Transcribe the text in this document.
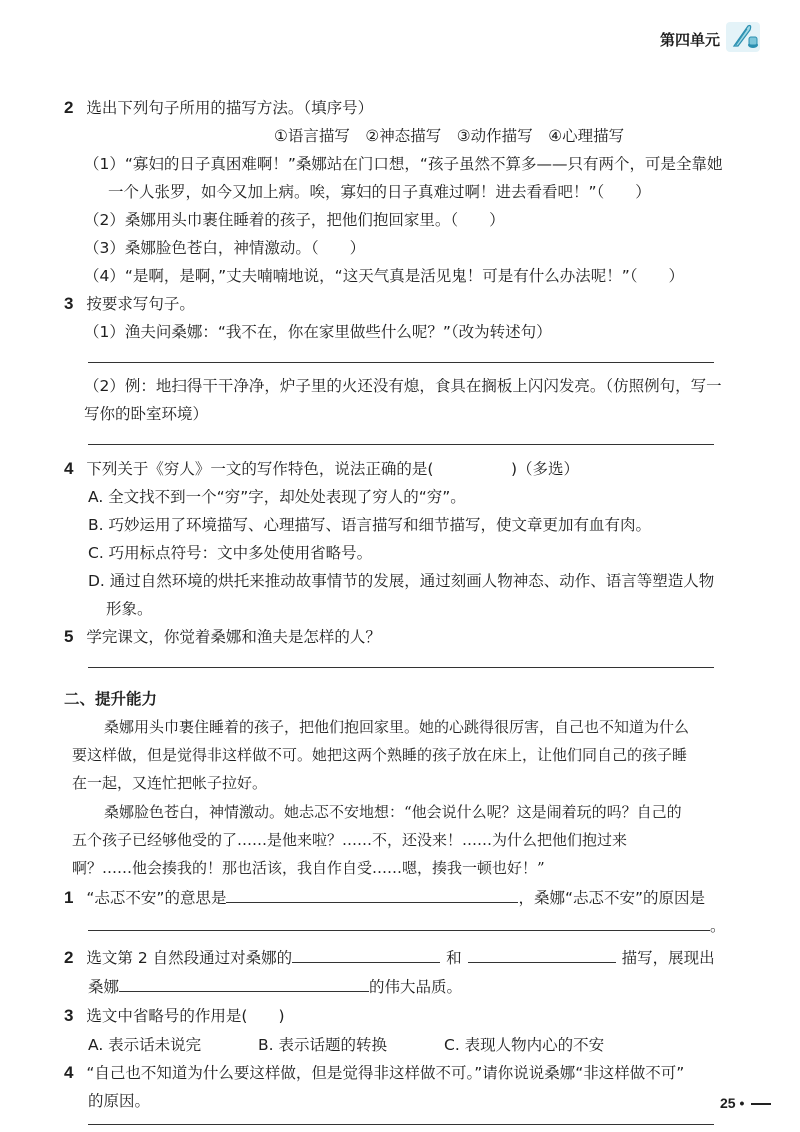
第四单元
2 选出下列句子所用的描写方法。（填序号）
①语言描写　②神态描写　③动作描写　④心理描写
（1）“寡妇的日子真困难啊！”桑娜站在门口想，“孩子虽然不算多——只有两个，可是全靠她
一个人张罗，如今又加上病。唉，寡妇的日子真难过啊！进去看看吧！”（　　）
（2）桑娜用头巾裹住睡着的孩子，把他们抱回家里。（　　）
（3）桑娜脸色苍白，神情激动。（　　）
（4）“是啊，是啊，”丈夫喃喃地说，“这天气真是活见鬼！可是有什么办法呢！”（　　）
3 按要求写句子。
（1）渔夫问桑娜：“我不在，你在家里做些什么呢？”（改为转述句）
（2）例：地扫得干干净净，炉子里的火还没有熄，食具在搁板上闪闪发亮。（仿照例句，写一
写你的卧室环境）
4 下列关于《穷人》一文的写作特色，说法正确的是(　　　　　)（多选）
A. 全文找不到一个“穷”字，却处处表现了穷人的“穷”。
B. 巧妙运用了环境描写、心理描写、语言描写和细节描写，使文章更加有血有肉。
C. 巧用标点符号：文中多处使用省略号。
D. 通过自然环境的烘托来推动故事情节的发展，通过刻画人物神态、动作、语言等塑造人物
形象。
5 学完课文，你觉着桑娜和渔夫是怎样的人？
二、提升能力
桑娜用头巾裹住睡着的孩子，把他们抱回家里。她的心跳得很厉害，自己也不知道为什么
要这样做，但是觉得非这样做不可。她把这两个熟睡的孩子放在床上，让他们同自己的孩子睡
在一起，又连忙把帐子拉好。
桑娜脸色苍白，神情激动。她忐忑不安地想：“他会说什么呢？这是闹着玩的吗？自己的
五个孩子已经够他受的了……是他来啦？……不，还没来！……为什么把他们抱过来
啊？……他会揍我的！那也活该，我自作自受……嗯，揍我一顿也好！”
1 “忐忑不安”的意思是	，桑娜“忐忑不安”的原因是
。
2 选文第 2 自然段通过对桑娜的	和	描写，展现出
桑娜	的伟大品质。
3 选文中省略号的作用是(　　)
A. 表示话未说完	B. 表示话题的转换	C. 表现人物内心的不安
4 “自己也不知道为什么要这样做，但是觉得非这样做不可。”请你说说桑娜“非这样做不可”
的原因。	25 •
